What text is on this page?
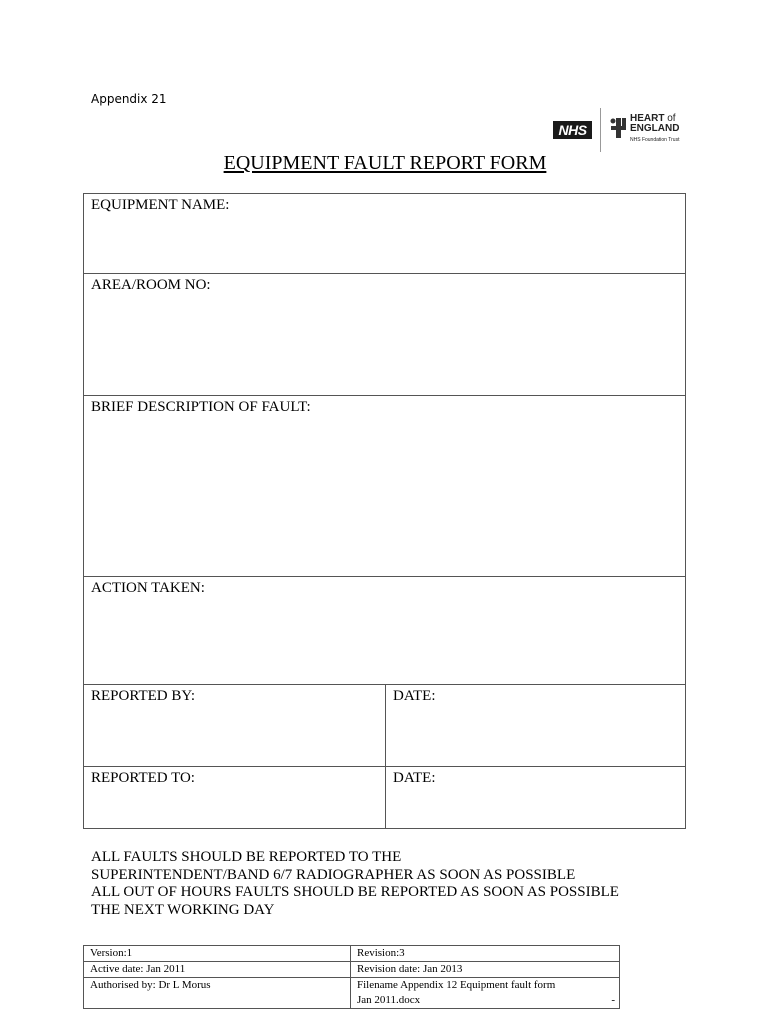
Appendix 21
NHS
HEART of
ENGLAND
NHS Foundation Trust
EQUIPMENT FAULT REPORT FORM
EQUIPMENT NAME:
AREA/ROOM NO:
BRIEF DESCRIPTION OF FAULT:
ACTION TAKEN:
REPORTED BY:	DATE:
REPORTED TO:	DATE:
ALL FAULTS SHOULD BE REPORTED TO THE
SUPERINTENDENT/BAND 6/7 RADIOGRAPHER AS SOON AS POSSIBLE
ALL OUT OF HOURS FAULTS SHOULD BE REPORTED AS SOON AS POSSIBLE
THE NEXT WORKING DAY
Version:1	Revision:3
Active date: Jan 2011	Revision date: Jan 2013
Authorised by: Dr L Morus	Filename Appendix 12 Equipment fault form
Jan 2011.docx -
